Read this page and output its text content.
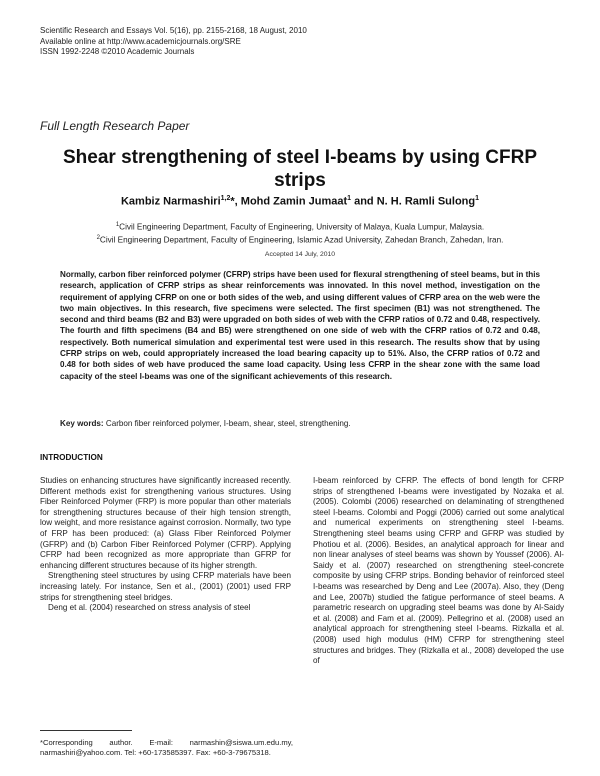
Scientific Research and Essays Vol. 5(16), pp. 2155-2168, 18 August, 2010
Available online at http://www.academicjournals.org/SRE
ISSN 1992-2248 ©2010 Academic Journals
Full Length Research Paper
Shear strengthening of steel I-beams by using CFRP
strips
Kambiz Narmashiri$^{1,2}$*, Mohd Zamin Jumaat$^1$ and N. H. Ramli Sulong$^1$
$^1$Civil Engineering Department, Faculty of Engineering, University of Malaya, Kuala Lumpur, Malaysia.
$^2$Civil Engineering Department, Faculty of Engineering, Islamic Azad University, Zahedan Branch, Zahedan, Iran.
Accepted 14 July, 2010
Normally, carbon fiber reinforced polymer (CFRP) strips have been used for flexural strengthening of steel beams, but in this research, application of CFRP strips as shear reinforcements was innovated. In this novel method, investigation on the requirement of applying CFRP on one or both sides of the web, and using different values of CFRP area on the web were the two main objectives. In this research, five specimens were selected. The first specimen (B1) was not strengthened. The second and third beams (B2 and B3) were upgraded on both sides of web with the CFRP ratios of 0.72 and 0.48, respectively. The fourth and fifth specimens (B4 and B5) were strengthened on one side of web with the CFRP ratios of 0.72 and 0.48, respectively. Both numerical simulation and experimental test were used in this research. The results show that by using CFRP strips on web, could appropriately increased the load bearing capacity up to 51%. Also, the CFRP ratios of 0.72 and 0.48 for both sides of web have produced the same load capacity. Using less CFRP in the shear zone with the same load capacity of the steel I-beams was one of the significant achievements of this research.
Key words: Carbon fiber reinforced polymer, I-beam, shear, steel, strengthening.
INTRODUCTION

Studies on enhancing structures have significantly increased recently. Different methods exist for strengthening various structures. Using Fiber Reinforced Polymer (FRP) is more popular than other materials for strengthening structures because of their high tension strength, low weight, and more resistance against corrosion. Normally, two type of FRP has been produced: (a) Glass Fiber Reinforced Polymer (GFRP) and (b) Carbon Fiber Reinforced Polymer (CFRP). Applying CFRP had been recognized as more appropriate than GFRP for enhancing different structures because of its higher strength.

Strengthening steel structures by using CFRP materials have been increasing lately. For instance, Sen et al., (2001) (2001) used FRP strips for strengthening steel bridges.

Deng et al. (2004) researched on stress analysis of steel

I-beam reinforced by CFRP. The effects of bond length for CFRP strips of strengthened I-beams were investigated by Nozaka et al. (2005). Colombi (2006) researched on delaminating of strengthened steel I-beams. Colombi and Poggi (2006) carried out some analytical and numerical experiments on strengthening steel I-beams. Strengthening steel beams using CFRP and GFRP was studied by Photiou et al. (2006). Besides, an analytical approach for linear and non linear analyses of steel beams was shown by Youssef (2006). Al-Saidy et al. (2007) researched on strengthening steel-concrete composite by using CFRP strips. Bonding behavior of reinforced steel I-beams was researched by Deng and Lee (2007a). Also, they (Deng and Lee, 2007b) studied the fatigue performance of steel beams. A parametric research on upgrading steel beams was done by Al-Saidy et al. (2008) and Fam et al. (2009). Pellegrino et al. (2008) used an analytical approach for strengthening steel I-beams. Rizkalla et al. (2008) used high modulus (HM) CFRP for strengthening steel structures and bridges. They (Rizkalla et al., 2008) developed the use of

*Corresponding author. E-mail: narmashin@siswa.um.edu.my, narmashiri@yahoo.com. Tel: +60-173585397. Fax: +60-3-79675318.
